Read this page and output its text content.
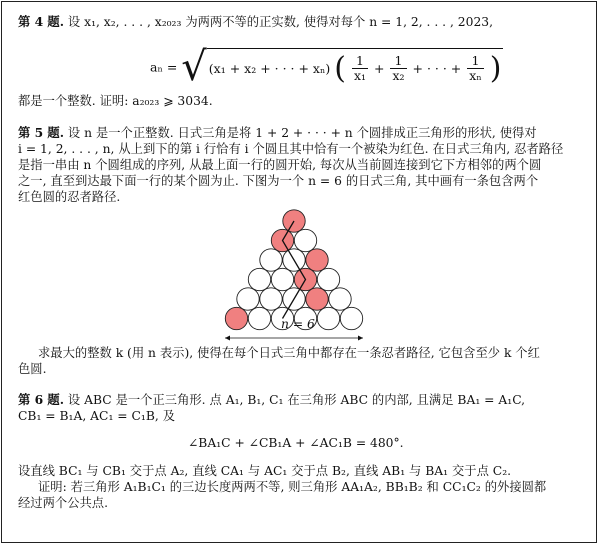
第 4 题. 设 x₁, x₂, . . . , x₂₀₂₃ 为两两不等的正实数, 使得对每个 n = 1, 2, . . . , 2023,
aₙ = √ (x₁ + x₂ + · · · + xₙ) ( $\frac{1}{\text{x₁}} + \frac{1}{\text{x₂}}$ + · · · + $\frac{1}{\text{xₙ}}$ )
都是一个整数. 证明: a₂₀₂₃ ⩾ 3034.
第 5 题. 设 n 是一个正整数. 日式三角是将 1 + 2 + · · · + n 个圆排成正三角形的形状, 使得对
i = 1, 2, . . . , n, 从上到下的第 i 行恰有 i 个圆且其中恰有一个被染为红色. 在日式三角内, 忍者路径
是指一串由 n 个圆组成的序列, 从最上面一行的圆开始, 每次从当前圆连接到它下方相邻的两个圆
之一, 直至到达最下面一行的某个圆为止. 下图为一个 n = 6 的日式三角, 其中画有一条包含两个
红色圆的忍者路径.
n = 6
求最大的整数 k (用 n 表示), 使得在每个日式三角中都存在一条忍者路径, 它包含至少 k 个红
色圆.
第 6 题. 设 ABC 是一个正三角形. 点 A₁, B₁, C₁ 在三角形 ABC 的内部, 且满足 BA₁ = A₁C,
CB₁ = B₁A, AC₁ = C₁B, 及
∠BA₁C + ∠CB₁A + ∠AC₁B = 480°.
设直线 BC₁ 与 CB₁ 交于点 A₂, 直线 CA₁ 与 AC₁ 交于点 B₂, 直线 AB₁ 与 BA₁ 交于点 C₂.
证明: 若三角形 A₁B₁C₁ 的三边长度两两不等, 则三角形 AA₁A₂, BB₁B₂ 和 CC₁C₂ 的外接圆都
经过两个公共点.
